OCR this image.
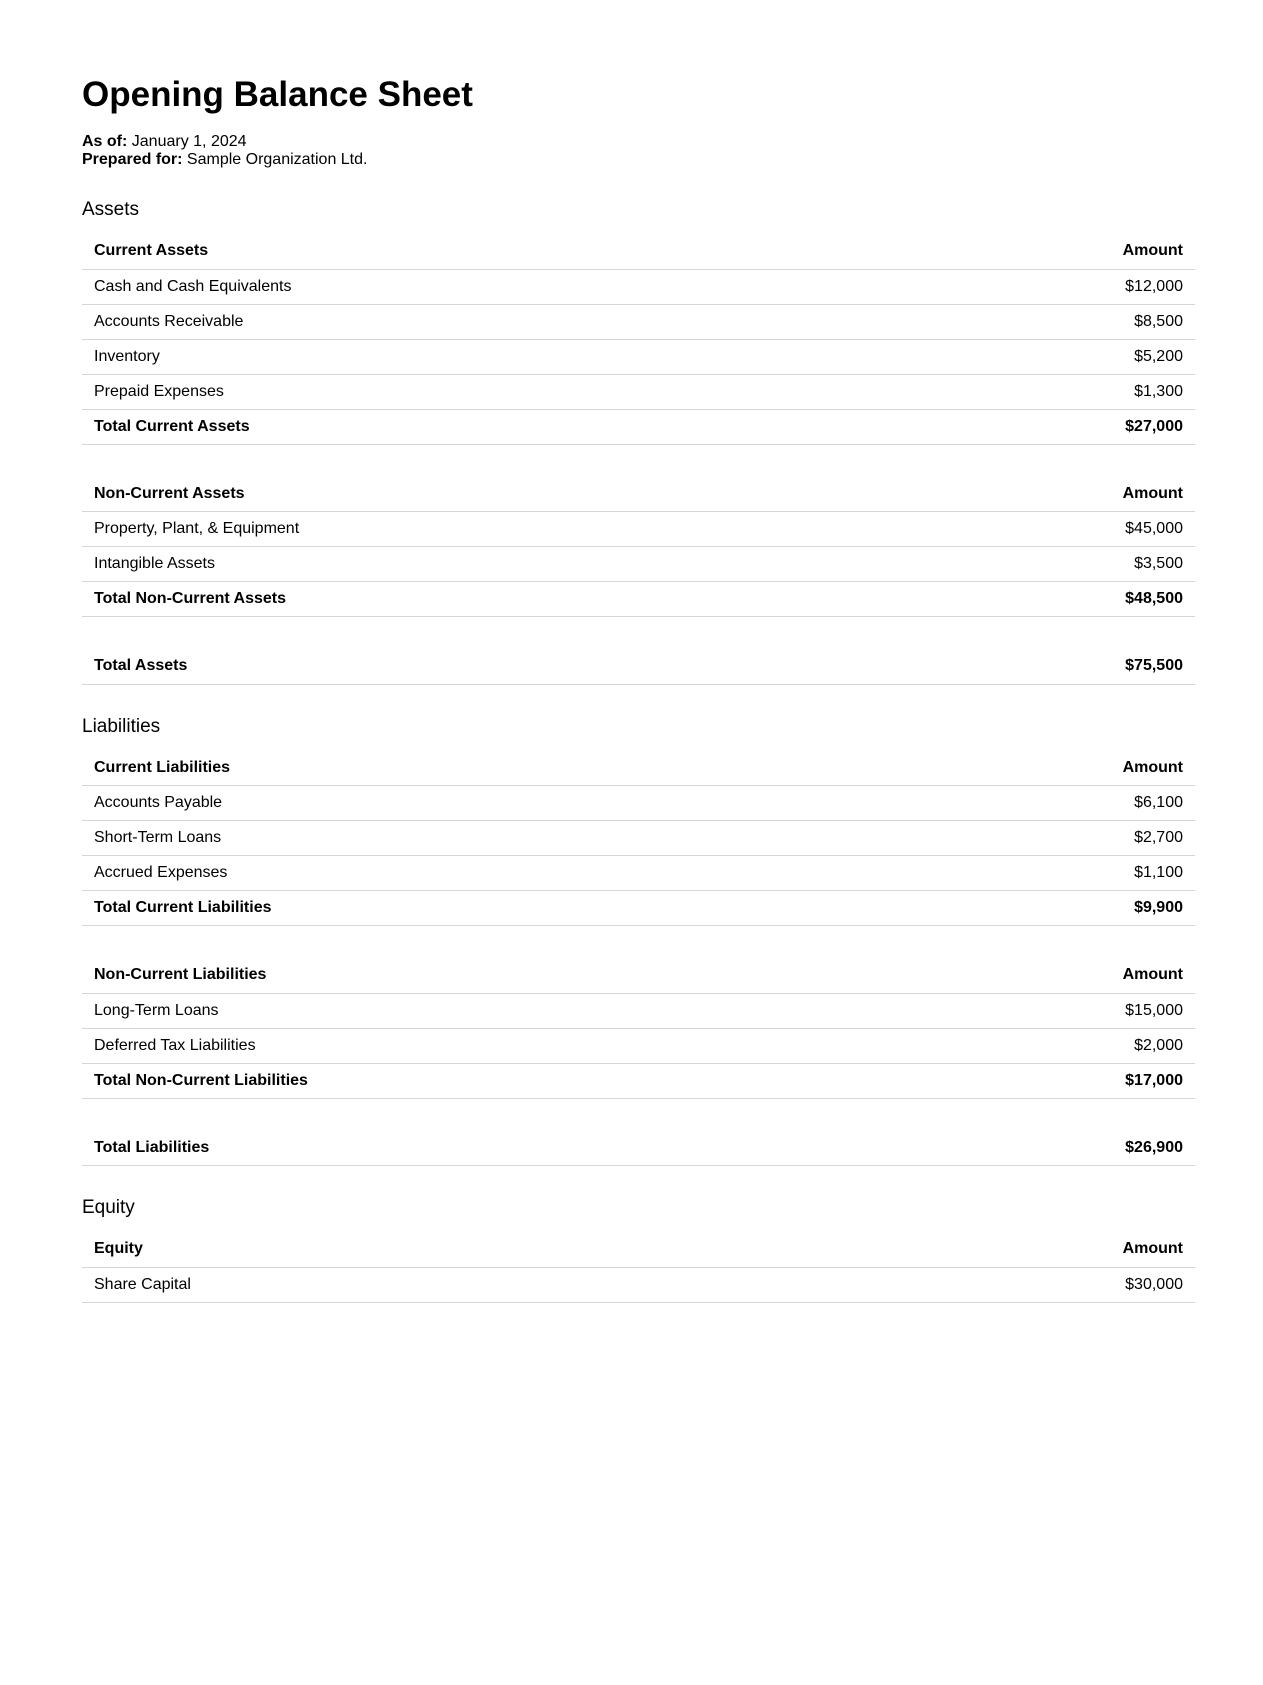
Opening Balance Sheet
As of: January 1, 2024
Prepared for: Sample Organization Ltd.
Assets
Current Assets	Amount
Cash and Cash Equivalents	$12,000
Accounts Receivable	$8,500
Inventory	$5,200
Prepaid Expenses	$1,300
Total Current Assets	$27,000
Non-Current Assets	Amount
Property, Plant, & Equipment	$45,000
Intangible Assets	$3,500
Total Non-Current Assets	$48,500
Total Assets	$75,500
Liabilities
Current Liabilities	Amount
Accounts Payable	$6,100
Short-Term Loans	$2,700
Accrued Expenses	$1,100
Total Current Liabilities	$9,900
Non-Current Liabilities	Amount
Long-Term Loans	$15,000
Deferred Tax Liabilities	$2,000
Total Non-Current Liabilities	$17,000
Total Liabilities	$26,900
Equity
Equity	Amount
Share Capital	$30,000
